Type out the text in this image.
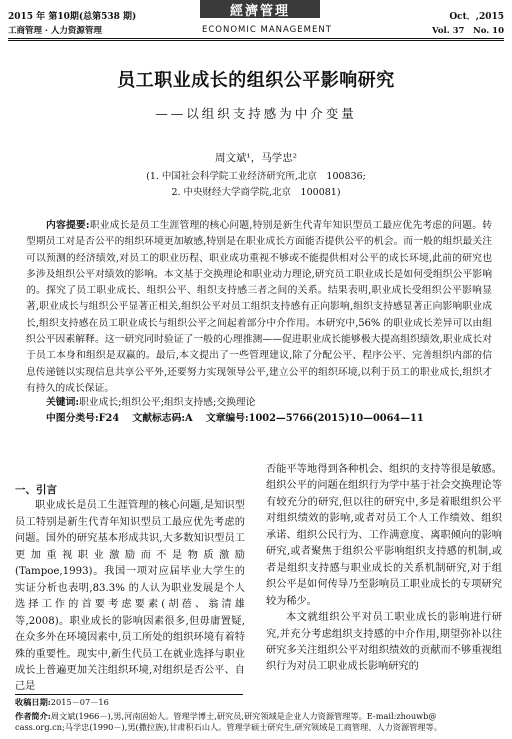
2015 年 第10期(总第538 期)	Oct．,2015
經濟管理
工商管理 · 人力资源管理	ECONOMIC MANAGEMENT	Vol. 37　No. 10
员工职业成长的组织公平影响研究
——以组织支持感为中介变量
周文斌¹，马学忠²
(1. 中国社会科学院工业经济研究所,北京　100836;
2. 中央财经大学商学院,北京　100081)
内容提要:职业成长是员工生涯管理的核心问题,特别是新生代青年知识型员工最应优先考虑的问题。转型期员工对是否公平的组织环境更加敏感,特别是在职业成长方面能否提供公平的机会。而一般的组织最关注可以预测的经济绩效,对员工的职业历程、职业成功重视不够或不能提供相对公平的成长环境,此前的研究也多涉及组织公平对绩效的影响。本文基于交换理论和职业动力理论,研究员工职业成长是如何受组织公平影响的。探究了员工职业成长、组织公平、组织支持感三者之间的关系。结果表明,职业成长受组织公平影响显著,职业成长与组织公平显著正相关,组织公平对员工组织支持感有正向影响,组织支持感显著正向影响职业成长,组织支持感在员工职业成长与组织公平之间起着部分中介作用。本研究中,56% 的职业成长差异可以由组织公平因素解释。这一研究同时验证了一般的心理推测——促进职业成长能够极大提高组织绩效,职业成长对于员工本身和组织是双赢的。最后,本文提出了一些管理建议,除了分配公平、程序公平、完善组织内部的信息传递链以实现信息共享公平外,还要努力实现领导公平,建立公平的组织环境,以利于员工的职业成长,组织才有持久的成长保证。
关键词:职业成长;组织公平;组织支持感;交换理论
中图分类号:F24　 文献标志码:A　 文章编号:1002—5766(2015)10—0064—11
一、引言
职业成长是员工生涯管理的核心问题,是知识型员工特别是新生代青年知识型员工最应优先考虑的问题。国外的研究基本形成共识,大多数知识型员工更加重视职业激励而不是物质激励(Tampoe,1993)。我国一项对应届毕业大学生的实证分析也表明,83.3% 的人认为职业发展是个人选择工作的首要考虑要素(胡蓓、翁清雄等,2008)。职业成长的影响因素很多,但毋庸置疑,在众多外在环境因素中,员工所处的组织环境有着特殊的重要性。现实中,新生代员工在就业选择与职业成长上普遍更加关注组织环境,对组织是否公平、自己是
否能平等地得到各种机会、组织的支持等很是敏感。组织公平的问题在组织行为学中基于社会交换理论等有较充分的研究,但以往的研究中,多是着眼组织公平对组织绩效的影响,或者对员工个人工作绩效、组织承诺、组织公民行为、工作满意度、离职倾向的影响研究,或者聚焦于组织公平影响组织支持感的机制,或者是组织支持感与职业成长的关系机制研究,对于组织公平是如何传导乃至影响员工职业成长的专项研究较为稀少。
本文就组织公平对员工职业成长的影响进行研究,并充分考虑组织支持感的中介作用,期望弥补以往研究多关注组织公平对组织绩效的贡献而不够重视组织行为对员工职业成长影响研究的
收稿日期:2015－07－16
作者简介:周文斌(1966－),男,河南固始人。管理学博士,研究员,研究领域是企业人力资源管理等。E-mail:zhouwb@
cass.org.cn;马学忠(1990－),男(撒拉族),甘肃积石山人。管理学硕士研究生,研究领域是工商管理、人力资源管理等。
